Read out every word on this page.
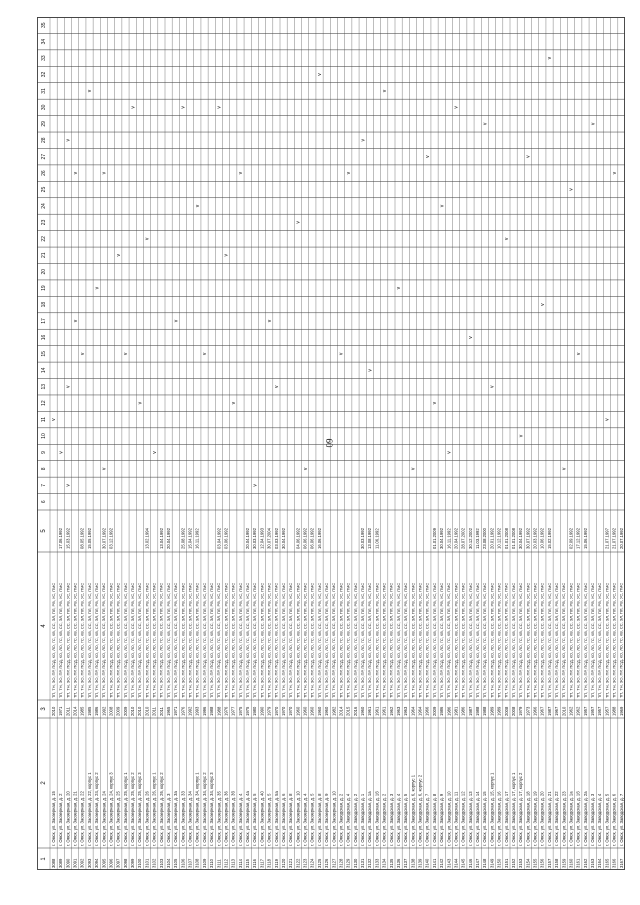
60
1
2
3
4
5
6
7
8
9
10
11
12
13
14
15
16
17
18
19
20
21
22
23
24
25
26
27
28
29
30
31
32
33
34
35
3088
г. Омск, ул. Заозерная, д. 15
2010
ТП, ТН, ЭО, ПР, ПСД, КО, ЛО, ГС, КВ, СС, ЭЛ, ПЛ, РВ, УС, ПМС
v
3089
г. Омск, ул. Заозерная, д. 2
1971
ТП, ТН, ЭО, ПР, ПСД, КО, ЛО, ГС, КВ, СС, ЭЛ, ПЛ, РВ, УС, ПМС
17.06.1992
v
3090
г. Омск, ул. Заозерная, д. 20
2011
ТП, ТН, ЭО, ПР, ПСД, КО, ЛО, ГС, КВ, СС, ЭЛ, ПЛ, РВ, УС, ПМС
15.03.1992
v
v
v
3091
г. Омск, ул. Заозерная, д. 21
2014
ТП, ТН, ЭО, ПР, ПСД, КО, ЛО, ГС, КВ, СС, ЭЛ, ПЛ, РВ, УС, ПМС
v
v
3092
г. Омск, ул. Заозерная, д. 22
1985
ТП, ТН, ЭО, ПР, ПСД, КО, ЛО, ГС, КВ, СС, ЭЛ, ПЛ, РВ, УС, ПМС
08.05.1992
v
3093
г. Омск, ул. Заозерная, д. 22, корпус 1
1985
ТП, ТН, ЭО, ПР, ПСД, КО, ЛО, ГС, КВ, СС, ЭЛ, ПЛ, РВ, УС, ПМС
15.05.1992
v
3094
г. Омск, ул. Заозерная, д. 24, корпус 2
1986
ТП, ТН, ЭО, ПР, ПСД, КО, ЛО, ГС, КВ, СС, ЭЛ, ПЛ, РВ, УС, ПМС
v
3095
г. Омск, ул. Заозерная, д. 24
1992
ТП, ТН, ЭО, ПР, ПСД, КО, ЛО, ГС, КВ, СС, ЭЛ, ПЛ, РВ, УС, ПМС
30.07.1992
v
v
3096
г. Омск, ул. Заозерная, д. 24, корпус 3
2008
ТП, ТН, ЭО, ПР, ПСД, КО, ЛО, ГС, КВ, СС, ЭЛ, ПЛ, РВ, УС, ПМС
03.12.1992
3097
г. Омск, ул. Заозерная, д. 25
2009
ТП, ТН, ЭО, ПР, ПСД, КО, ЛО, ГС, КВ, СС, ЭЛ, ПЛ, РВ, УС, ПМС
v
3098
г. Омск, ул. Заозерная, д. 25, корпус 1
2009
ТП, ТН, ЭО, ПР, ПСД, КО, ЛО, ГС, КВ, СС, ЭЛ, ПЛ, РВ, УС, ПМС
v
3099
г. Омск, ул. Заозерная, д. 25, корпус 2
2010
ТП, ТН, ЭО, ПР, ПСД, КО, ЛО, ГС, КВ, СС, ЭЛ, ПЛ, РВ, УС, ПМС
v
3100
г. Омск, ул. Заозерная, д. 25, корпус 3
2010
ТП, ТН, ЭО, ПР, ПСД, КО, ЛО, ГС, КВ, СС, ЭЛ, ПЛ, РВ, УС, ПМС
v
3101
г. Омск, ул. Заозерная, д. 26
2010
ТП, ТН, ЭО, ПР, ПСД, КО, ЛО, ГС, КВ, СС, ЭЛ, ПЛ, РВ, УС, ПМС
13.02.1994
v
3102
г. Омск, ул. Заозерная, д. 26, корпус 1
2011
ТП, ТН, ЭО, ПР, ПСД, КО, ЛО, ГС, КВ, СС, ЭЛ, ПЛ, РВ, УС, ПМС
v
3103
г. Омск, ул. Заозерная, д. 26, корпус 2
2011
ТП, ТН, ЭО, ПР, ПСД, КО, ЛО, ГС, КВ, СС, ЭЛ, ПЛ, РВ, УС, ПМС
13.04.1992
3104
г. Омск, ул. Заозерная, д. 3
1965
ТП, ТН, ЭО, ПР, ПСД, КО, ЛО, ГС, КВ, СС, ЭЛ, ПЛ, РВ, УС, ПМС
20.04.1992
3105
г. Омск, ул. Заозерная, д. 3а
1971
ТП, ТН, ЭО, ПР, ПСД, КО, ЛО, ГС, КВ, СС, ЭЛ, ПЛ, РВ, УС, ПМС
v
3106
г. Омск, ул. Заозерная, д. 33
1976
ТП, ТН, ЭО, ПР, ПСД, КО, ЛО, ГС, КВ, СС, ЭЛ, ПЛ, РВ, УС, ПМС
25.08.1992
v
3107
г. Омск, ул. Заозерная, д. 34
1992
ТП, ТН, ЭО, ПР, ПСД, КО, ЛО, ГС, КВ, СС, ЭЛ, ПЛ, РВ, УС, ПМС
15.04.1992
3108
г. Омск, ул. Заозерная, д. 34, корпус 1
1993
ТП, ТН, ЭО, ПР, ПСД, КО, ЛО, ГС, КВ, СС, ЭЛ, ПЛ, РВ, УС, ПМС
16.11.1992
v
3109
г. Омск, ул. Заозерная, д. 34, корпус 2
1996
ТП, ТН, ЭО, ПР, ПСД, КО, ЛО, ГС, КВ, СС, ЭЛ, ПЛ, РВ, УС, ПМС
v
3110
г. Омск, ул. Заозерная, д. 34, корпус 3
1988
ТП, ТН, ЭО, ПР, ПСД, КО, ЛО, ГС, КВ, СС, ЭЛ, ПЛ, РВ, УС, ПМС
3111
г. Омск, ул. Заозерная, д. 35
1988
ТП, ТН, ЭО, ПР, ПСД, КО, ЛО, ГС, КВ, СС, ЭЛ, ПЛ, РВ, УС, ПМС
03.04.1992
v
3112
г. Омск, ул. Заозерная, д. 36
1976
ТП, ТН, ЭО, ПР, ПСД, КО, ЛО, ГС, КВ, СС, ЭЛ, ПЛ, РВ, УС, ПМС
03.06.1992
v
3113
г. Омск, ул. Заозерная, д. 3б
1977
ТП, ТН, ЭО, ПР, ПСД, КО, ЛО, ГС, КВ, СС, ЭЛ, ПЛ, РВ, УС, ПМС
v
3114
г. Омск, ул. Заозерная, д. 4
1975
ТП, ТН, ЭО, ПР, ПСД, КО, ЛО, ГС, КВ, СС, ЭЛ, ПЛ, РВ, УС, ПМС
v
3115
г. Омск, ул. Заозерная, д. 4а
1975
ТП, ТН, ЭО, ПР, ПСД, КО, ЛО, ГС, КВ, СС, ЭЛ, ПЛ, РВ, УС, ПМС
20.04.1992
3116
г. Омск, ул. Заозерная, д. 5
1980
ТП, ТН, ЭО, ПР, ПСД, КО, ЛО, ГС, КВ, СС, ЭЛ, ПЛ, РВ, УС, ПМС
30.03.1992
v
3117
г. Омск, ул. Заозерная, д. 40
1990
ТП, ТН, ЭО, ПР, ПСД, КО, ЛО, ГС, КВ, СС, ЭЛ, ПЛ, РВ, УС, ПМС
12.04.1993
3118
г. Омск, ул. Заозерная, д. 5
1979
ТП, ТН, ЭО, ПР, ПСД, КО, ЛО, ГС, КВ, СС, ЭЛ, ПЛ, РВ, УС, ПМС
30.07.2004
v
3119
г. Омск, ул. Заозерная, д. 5а
1970
ТП, ТН, ЭО, ПР, ПСД, КО, ЛО, ГС, КВ, СС, ЭЛ, ПЛ, РВ, УС, ПМС
03.03.1992
v
3120
г. Омск, ул. Заозерная, д. 6
1970
ТП, ТН, ЭО, ПР, ПСД, КО, ЛО, ГС, КВ, СС, ЭЛ, ПЛ, РВ, УС, ПМС
30.04.1992
3121
г. Омск, ул. Заозерная, д. 8
1970
ТП, ТН, ЭО, ПР, ПСД, КО, ЛО, ГС, КВ, СС, ЭЛ, ПЛ, РВ, УС, ПМС
3122
г. Омск, ул. Заозерная, д. 10
1960
ТП, ТН, ЭО, ПР, ПСД, КО, ЛО, ГС, КВ, СС, ЭЛ, ПЛ, РВ, УС, ПМС
04.06.1992
v
3123
г. Омск, ул. Заозерная, д. 4
1960
ТП, ТН, ЭО, ПР, ПСД, КО, ЛО, ГС, КВ, СС, ЭЛ, ПЛ, РВ, УС, ПМС
06.06.1992
v
3124
г. Омск, ул. Заозерная, д. 5
1960
ТП, ТН, ЭО, ПР, ПСД, КО, ЛО, ГС, КВ, СС, ЭЛ, ПЛ, РВ, УС, ПМС
06.06.1992
3125
г. Омск, ул. Заозерная, д. 8
1960
ТП, ТН, ЭО, ПР, ПСД, КО, ЛО, ГС, КВ, СС, ЭЛ, ПЛ, РВ, УС, ПМС
16.06.1992
v
3126
г. Омск, ул. Заозерная, д. 9
1960
ТП, ТН, ЭО, ПР, ПСД, КО, ЛО, ГС, КВ, СС, ЭЛ, ПЛ, РВ, УС, ПМС
3127
г. Омск, ул. Заозерная, д. 10
1982
ТП, ТН, ЭО, ПР, ПСД, КО, ЛО, ГС, КВ, СС, ЭЛ, ПЛ, РВ, УС, ПМС
3128
г. Омск, ул. Заводская, д. 2
2014
ТП, ТН, ЭО, ПР, ПСД, КО, ЛО, ГС, КВ, СС, ЭЛ, ПЛ, РВ, УС, ПМС
v
3129
г. Омск, ул. Заводская, д. 4
2015
ТП, ТН, ЭО, ПР, ПСД, КО, ЛО, ГС, КВ, СС, ЭЛ, ПЛ, РВ, УС, ПМС
v
3130
г. Омск, ул. Заводская, д. 2
2016
ТП, ТН, ЭО, ПР, ПСД, КО, ЛО, ГС, КВ, СС, ЭЛ, ПЛ, РВ, УС, ПМС
3131
г. Омск, ул. Заводская, д. 1
1960
ТП, ТН, ЭО, ПР, ПСД, КО, ЛО, ГС, КВ, СС, ЭЛ, ПЛ, РВ, УС, ПМС
30.03.1992
v
3132
г. Омск, ул. Заводская, д. 1а
1961
ТП, ТН, ЭО, ПР, ПСД, КО, ЛО, ГС, КВ, СС, ЭЛ, ПЛ, РВ, УС, ПМС
13.08.1992
v
3133
г. Омск, ул. Заводская, д. 1б
1961
ТП, ТН, ЭО, ПР, ПСД, КО, ЛО, ГС, КВ, СС, ЭЛ, ПЛ, РВ, УС, ПМС
11.06.1992
3134
г. Омск, ул. Заводская, д. 2
1961
ТП, ТН, ЭО, ПР, ПСД, КО, ЛО, ГС, КВ, СС, ЭЛ, ПЛ, РВ, УС, ПМС
v
3135
г. Омск, ул. Заводская, д. 3
1962
ТП, ТН, ЭО, ПР, ПСД, КО, ЛО, ГС, КВ, СС, ЭЛ, ПЛ, РВ, УС, ПМС
3136
г. Омск, ул. Заводская, д. 4
1963
ТП, ТН, ЭО, ПР, ПСД, КО, ЛО, ГС, КВ, СС, ЭЛ, ПЛ, РВ, УС, ПМС
v
3137
г. Омск, ул. Заводская, д. 5
1963
ТП, ТН, ЭО, ПР, ПСД, КО, ЛО, ГС, КВ, СС, ЭЛ, ПЛ, РВ, УС, ПМС
3138
г. Омск, ул. Заводская, д. 6, корпус 1
1964
ТП, ТН, ЭО, ПР, ПСД, КО, ЛО, ГС, КВ, СС, ЭЛ, ПЛ, РВ, УС, ПМС
v
3139
г. Омск, ул. Заводская, д. 6, корпус 2
1964
ТП, ТН, ЭО, ПР, ПСД, КО, ЛО, ГС, КВ, СС, ЭЛ, ПЛ, РВ, УС, ПМС
3140
г. Омск, ул. Заводская, д. 7
1966
ТП, ТН, ЭО, ПР, ПСД, КО, ЛО, ГС, КВ, СС, ЭЛ, ПЛ, РВ, УС, ПМС
v
3141
г. Омск, ул. Заводская, д. 8
2009
ТП, ТН, ЭО, ПР, ПСД, КО, ЛО, ГС, КВ, СС, ЭЛ, ПЛ, РВ, УС, ПМС
01.01.2009
v
3142
г. Омск, ул. Заводская, д. 9
1986
ТП, ТН, ЭО, ПР, ПСД, КО, ЛО, ГС, КВ, СС, ЭЛ, ПЛ, РВ, УС, ПМС
30.04.1992
v
3143
г. Омск, ул. Заводская, д. 10
1986
ТП, ТН, ЭО, ПР, ПСД, КО, ЛО, ГС, КВ, СС, ЭЛ, ПЛ, РВ, УС, ПМС
16.11.1992
v
3144
г. Омск, ул. Заводская, д. 11
1981
ТП, ТН, ЭО, ПР, ПСД, КО, ЛО, ГС, КВ, СС, ЭЛ, ПЛ, РВ, УС, ПМС
20.04.1992
v
3145
г. Омск, ул. Заводская, д. 12
1986
ТП, ТН, ЭО, ПР, ПСД, КО, ЛО, ГС, КВ, СС, ЭЛ, ПЛ, РВ, УС, ПМС
28.07.2002
3146
г. Омск, ул. Заводская, д. 13
1987
ТП, ТН, ЭО, ПР, ПСД, КО, ЛО, ГС, КВ, СС, ЭЛ, ПЛ, РВ, УС, ПМС
30.12.2002
v
3147
г. Омск, ул. Заводская, д. 14
1988
ТП, ТН, ЭО, ПР, ПСД, КО, ЛО, ГС, КВ, СС, ЭЛ, ПЛ, РВ, УС, ПМС
11.03.1992
3148
г. Омск, ул. Заводская, д. 15
1988
ТП, ТН, ЭО, ПР, ПСД, КО, ЛО, ГС, КВ, СС, ЭЛ, ПЛ, РВ, УС, ПМС
23.08.2000
v
3149
г. Омск, ул. Заводская, д. 15, корпус 1
1989
ТП, ТН, ЭО, ПР, ПСД, КО, ЛО, ГС, КВ, СС, ЭЛ, ПЛ, РВ, УС, ПМС
20.01.1992
v
3150
г. Омск, ул. Заводская, д. 16
1989
ТП, ТН, ЭО, ПР, ПСД, КО, ЛО, ГС, КВ, СС, ЭЛ, ПЛ, РВ, УС, ПМС
10.12.1992
3151
г. Омск, ул. Заводская, д. 17
2008
ТП, ТН, ЭО, ПР, ПСД, КО, ЛО, ГС, КВ, СС, ЭЛ, ПЛ, РВ, УС, ПМС
01.01.2008
v
3152
г. Омск, ул. Заводская, д. 17, корпус 1
2008
ТП, ТН, ЭО, ПР, ПСД, КО, ЛО, ГС, КВ, СС, ЭЛ, ПЛ, РВ, УС, ПМС
01.01.2008
3153
г. Омск, ул. Заводская, д. 17, корпус 2
1979
ТП, ТН, ЭО, ПР, ПСД, КО, ЛО, ГС, КВ, СС, ЭЛ, ПЛ, РВ, УС, ПМС
30.04.1992
v
3154
г. Омск, ул. Заводская, д. 18
1973
ТП, ТН, ЭО, ПР, ПСД, КО, ЛО, ГС, КВ, СС, ЭЛ, ПЛ, РВ, УС, ПМС
30.07.1992
v
3155
г. Омск, ул. Заводская, д. 19
1966
ТП, ТН, ЭО, ПР, ПСД, КО, ЛО, ГС, КВ, СС, ЭЛ, ПЛ, РВ, УС, ПМС
20.03.1992
3156
г. Омск, ул. Заводская, д. 20
1967
ТП, ТН, ЭО, ПР, ПСД, КО, ЛО, ГС, КВ, СС, ЭЛ, ПЛ, РВ, УС, ПМС
10.06.1992
v
3157
г. Омск, ул. Заводская, д. 21
1987
ТП, ТН, ЭО, ПР, ПСД, КО, ЛО, ГС, КВ, СС, ЭЛ, ПЛ, РВ, УС, ПМС
15.02.1992
v
3158
г. Омск, ул. Заводская, д. 22
1967
ТП, ТН, ЭО, ПР, ПСД, КО, ЛО, ГС, КВ, СС, ЭЛ, ПЛ, РВ, УС, ПМС
3159
г. Омск, ул. Заводская, д. 23
2010
ТП, ТН, ЭО, ПР, ПСД, КО, ЛО, ГС, КВ, СС, ЭЛ, ПЛ, РВ, УС, ПМС
v
3160
г. Омск, ул. Заводская, д. 1а
1962
ТП, ТН, ЭО, ПР, ПСД, КО, ЛО, ГС, КВ, СС, ЭЛ, ПЛ, РВ, УС, ПМС
02.09.1992
v
3161
г. Омск, ул. Заводская, д. 1б
1962
ТП, ТН, ЭО, ПР, ПСД, КО, ЛО, ГС, КВ, СС, ЭЛ, ПЛ, РВ, УС, ПМС
17.12.1992
v
3162
г. Омск, ул. Заводская, д. 2а
1957
ТП, ТН, ЭО, ПР, ПСД, КО, ЛО, ГС, КВ, СС, ЭЛ, ПЛ, РВ, УС, ПМС
15.06.1992
3163
г. Омск, ул. Заводская, д. 3
1957
ТП, ТН, ЭО, ПР, ПСД, КО, ЛО, ГС, КВ, СС, ЭЛ, ПЛ, РВ, УС, ПМС
v
3164
г. Омск, ул. Заводская, д. 4
1957
ТП, ТН, ЭО, ПР, ПСД, КО, ЛО, ГС, КВ, СС, ЭЛ, ПЛ, РВ, УС, ПМС
3165
г. Омск, ул. Заводская, д. 5
1957
ТП, ТН, ЭО, ПР, ПСД, КО, ЛО, ГС, КВ, СС, ЭЛ, ПЛ, РВ, УС, ПМС
21.07.1997
v
3166
г. Омск, ул. Заводская, д. 6
1988
ТП, ТН, ЭО, ПР, ПСД, КО, ЛО, ГС, КВ, СС, ЭЛ, ПЛ, РВ, УС, ПМС
21.07.1992
v
3167
г. Омск, ул. Заводская, д. 7
1969
ТП, ТН, ЭО, ПР, ПСД, КО, ЛО, ГС, КВ, СС, ЭЛ, ПЛ, РВ, УС, ПМС
20.07.1992
